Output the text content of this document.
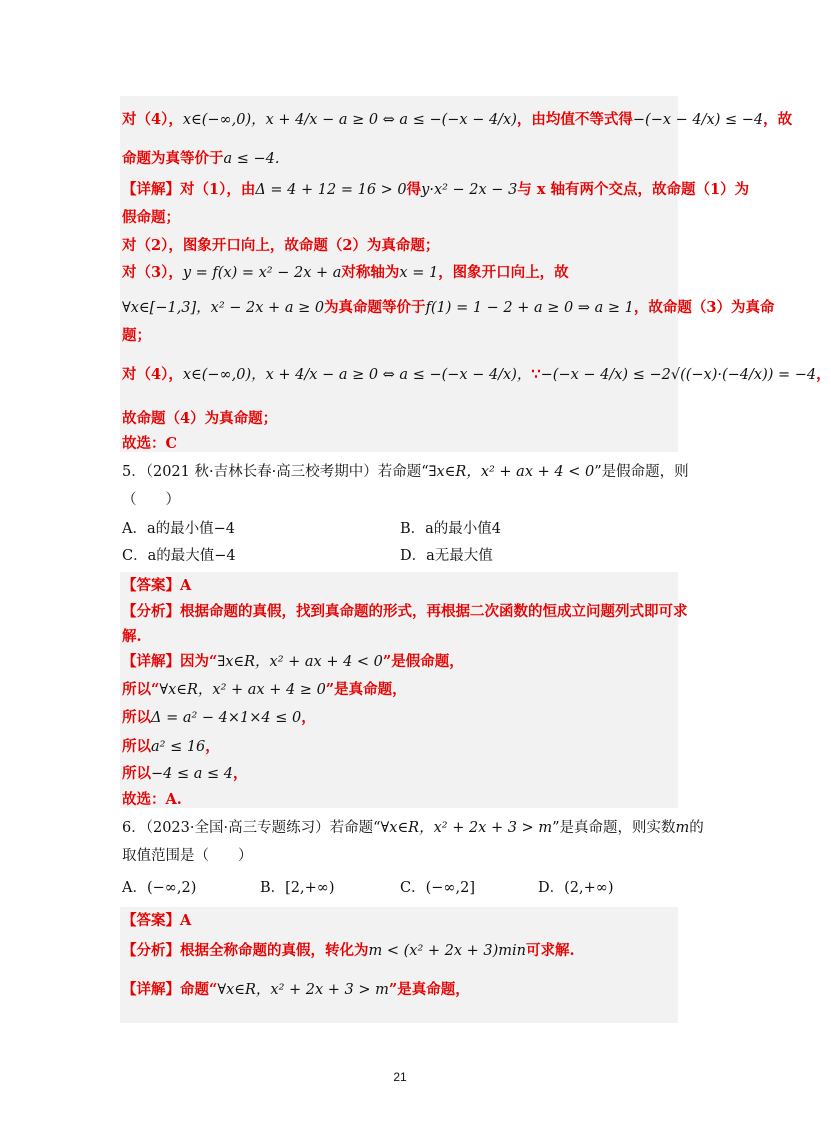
对（4），x∈(−∞,0)，x + 4/x − a ≥ 0 ⇔ a ≤ −(−x − 4/x)，由均值不等式得−(−x − 4/x) ≤ −4，故
命题为真等价于a ≤ −4.
【详解】对（1），由Δ = 4 + 12 = 16 > 0得y·x² − 2x − 3与 x 轴有两个交点，故命题（1）为
假命题；
对（2），图象开口向上，故命题（2）为真命题；
对（3），y = f(x) = x² − 2x + a对称轴为x = 1，图象开口向上，故
∀x∈[−1,3]，x² − 2x + a ≥ 0为真命题等价于f(1) = 1 − 2 + a ≥ 0 ⇒ a ≥ 1，故命题（3）为真命
题；
对（4），x∈(−∞,0)，x + 4/x − a ≥ 0 ⇔ a ≤ −(−x − 4/x)，∵−(−x − 4/x) ≤ −2√((−x)·(−4/x)) = −4，
故命题（4）为真命题；
故选：C
5．（2021 秋·吉林长春·高三校考期中）若命题“∃x∈R，x² + ax + 4 < 0”是假命题，则
（　　）
A．a的最小值−4	B．a的最小值4
C．a的最大值−4	D．a无最大值
【答案】A
【分析】根据命题的真假，找到真命题的形式，再根据二次函数的恒成立问题列式即可求
解.
【详解】因为“∃x∈R，x² + ax + 4 < 0”是假命题，
所以“∀x∈R，x² + ax + 4 ≥ 0”是真命题，
所以Δ = a² − 4×1×4 ≤ 0，
所以a² ≤ 16，
所以−4 ≤ a ≤ 4，
故选：A.
6．（2023·全国·高三专题练习）若命题“∀x∈R，x² + 2x + 3 > m”是真命题，则实数m的
取值范围是（　　）
A．(−∞,2)	B．[2,+∞)	C．(−∞,2]	D．(2,+∞)
【答案】A
【分析】根据全称命题的真假，转化为m < (x² + 2x + 3)min可求解.
【详解】命题“∀x∈R，x² + 2x + 3 > m”是真命题，
21
